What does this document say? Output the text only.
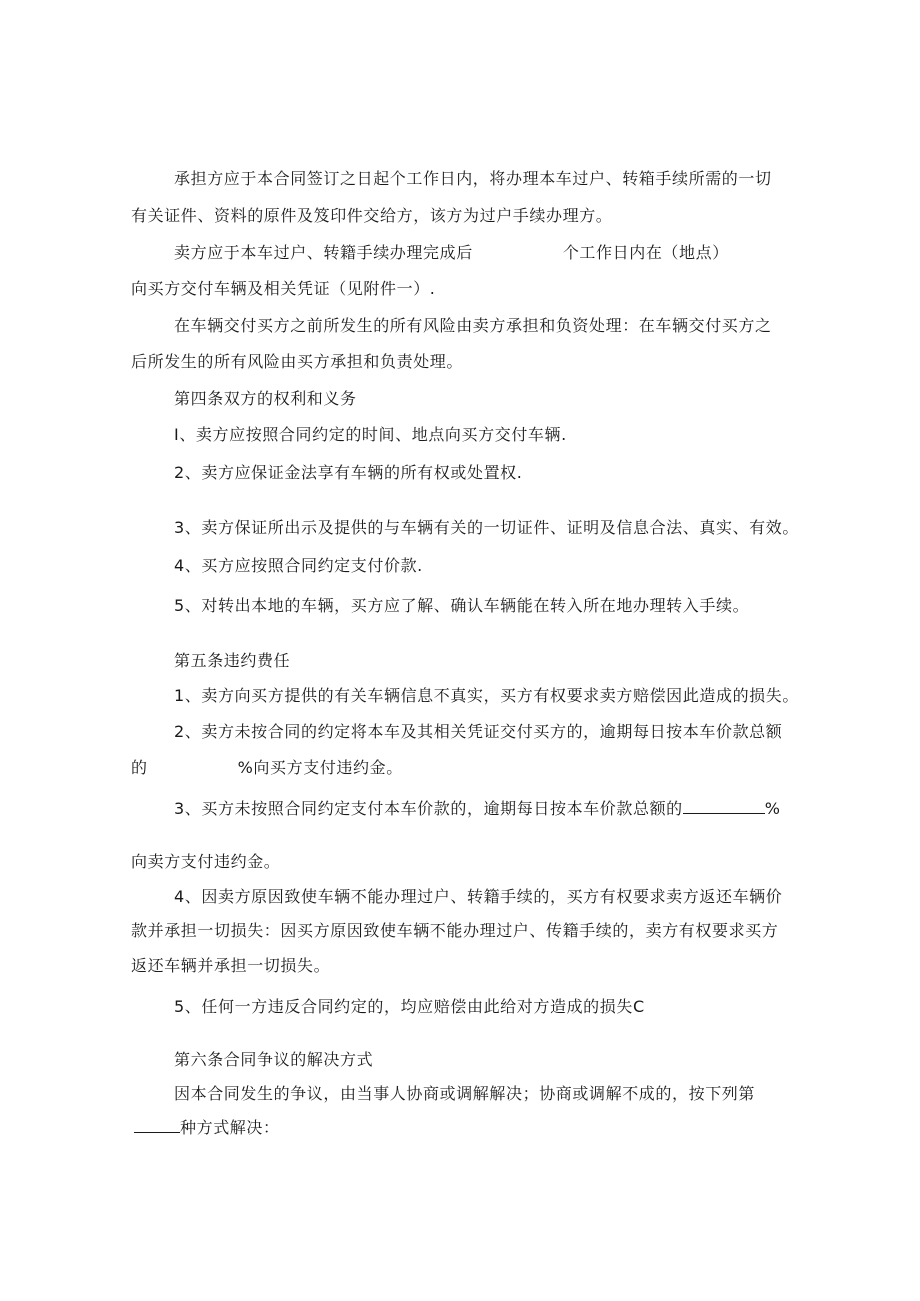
承担方应于本合同签订之日起个工作日内，将办理本车过户、转箱手续所需的一切
有关证件、资料的原件及笈印件交给方，该方为过户手续办理方。
卖方应于本车过户、转籍手续办理完成后	个工作日内在（地点）
向买方交付车辆及相关凭证（见附件一）.
在车辆交付买方之前所发生的所有风险由卖方承担和负资处理：在车辆交付买方之
后所发生的所有风险由买方承担和负责处理。
第四条双方的权利和义务
I、卖方应按照合同约定的时间、地点向买方交付车辆.
2、卖方应保证金法享有车辆的所有权或处置权.
3、卖方保证所出示及提供的与车辆有关的一切证件、证明及信息合法、真实、有效。
4、买方应按照合同约定支付价款.
5、对转出本地的车辆，买方应了解、确认车辆能在转入所在地办理转入手续。
第五条违约费任
1、卖方向买方提供的有关车辆信息不真实，买方有权要求卖方赔偿因此造成的损失。
2、卖方未按合同的约定将本车及其相关凭证交付买方的，逾期每日按本车价款总额
的	%向买方支付违约金。
3、买方未按照合同约定支付本车价款的，逾期每日按本车价款总额的	%
向卖方支付违约金。
4、因卖方原因致使车辆不能办理过户、转籍手续的，买方有权要求卖方返还车辆价
款并承担一切损失：因买方原因致使车辆不能办理过户、传籍手续的，卖方有权要求买方
返还车辆并承担一切损失。
5、任何一方违反合同约定的，均应赔偿由此给对方造成的损失C
第六条合同争议的解决方式
因本合同发生的争议，由当事人协商或调解解决；协商或调解不成的，按下列第
种方式解决：
